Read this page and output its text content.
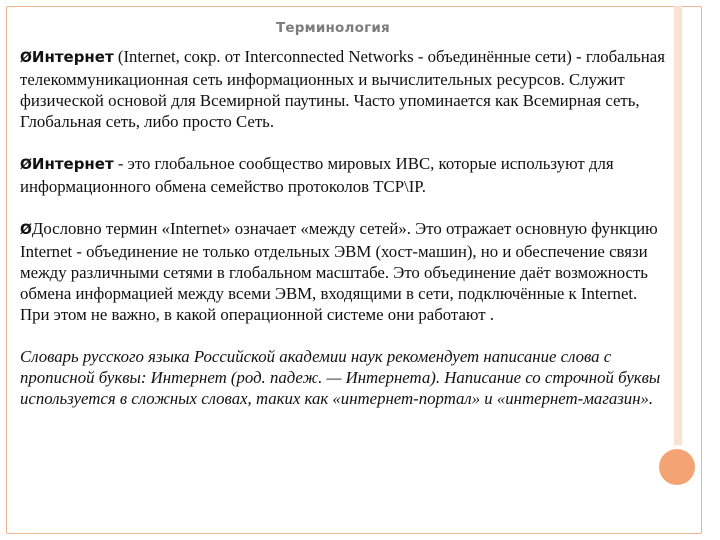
Терминология

ØИнтернет (Internet, сокр. от Interconnected Networks - объединённые сети) - глобальная телекоммуникационная сеть информационных и вычислительных ресурсов. Служит физической основой для Всемирной паутины. Часто упоминается как Всемирная сеть, Глобальная сеть, либо просто Сеть.

ØИнтернет - это глобальное сообщество мировых ИВС, которые используют для информационного обмена семейство протоколов TCP\IP.

ØДословно термин «Internet» означает «между сетей». Это отражает основную функцию Internet - объединение не только отдельных ЭВМ (хост-машин), но и обеспечение связи между различными сетями в глобальном масштабе. Это объединение даёт возможность обмена информацией между всеми ЭВМ, входящими в сети, подключённые к Internet. При этом не важно, в какой операционной системе они работают .

Словарь русского языка Российской академии наук рекомендует написание слова с прописной буквы: Интернет (род. падеж. — Интернета). Написание со строчной буквы используется в сложных словах, таких как «интернет-портал» и «интернет-магазин».
